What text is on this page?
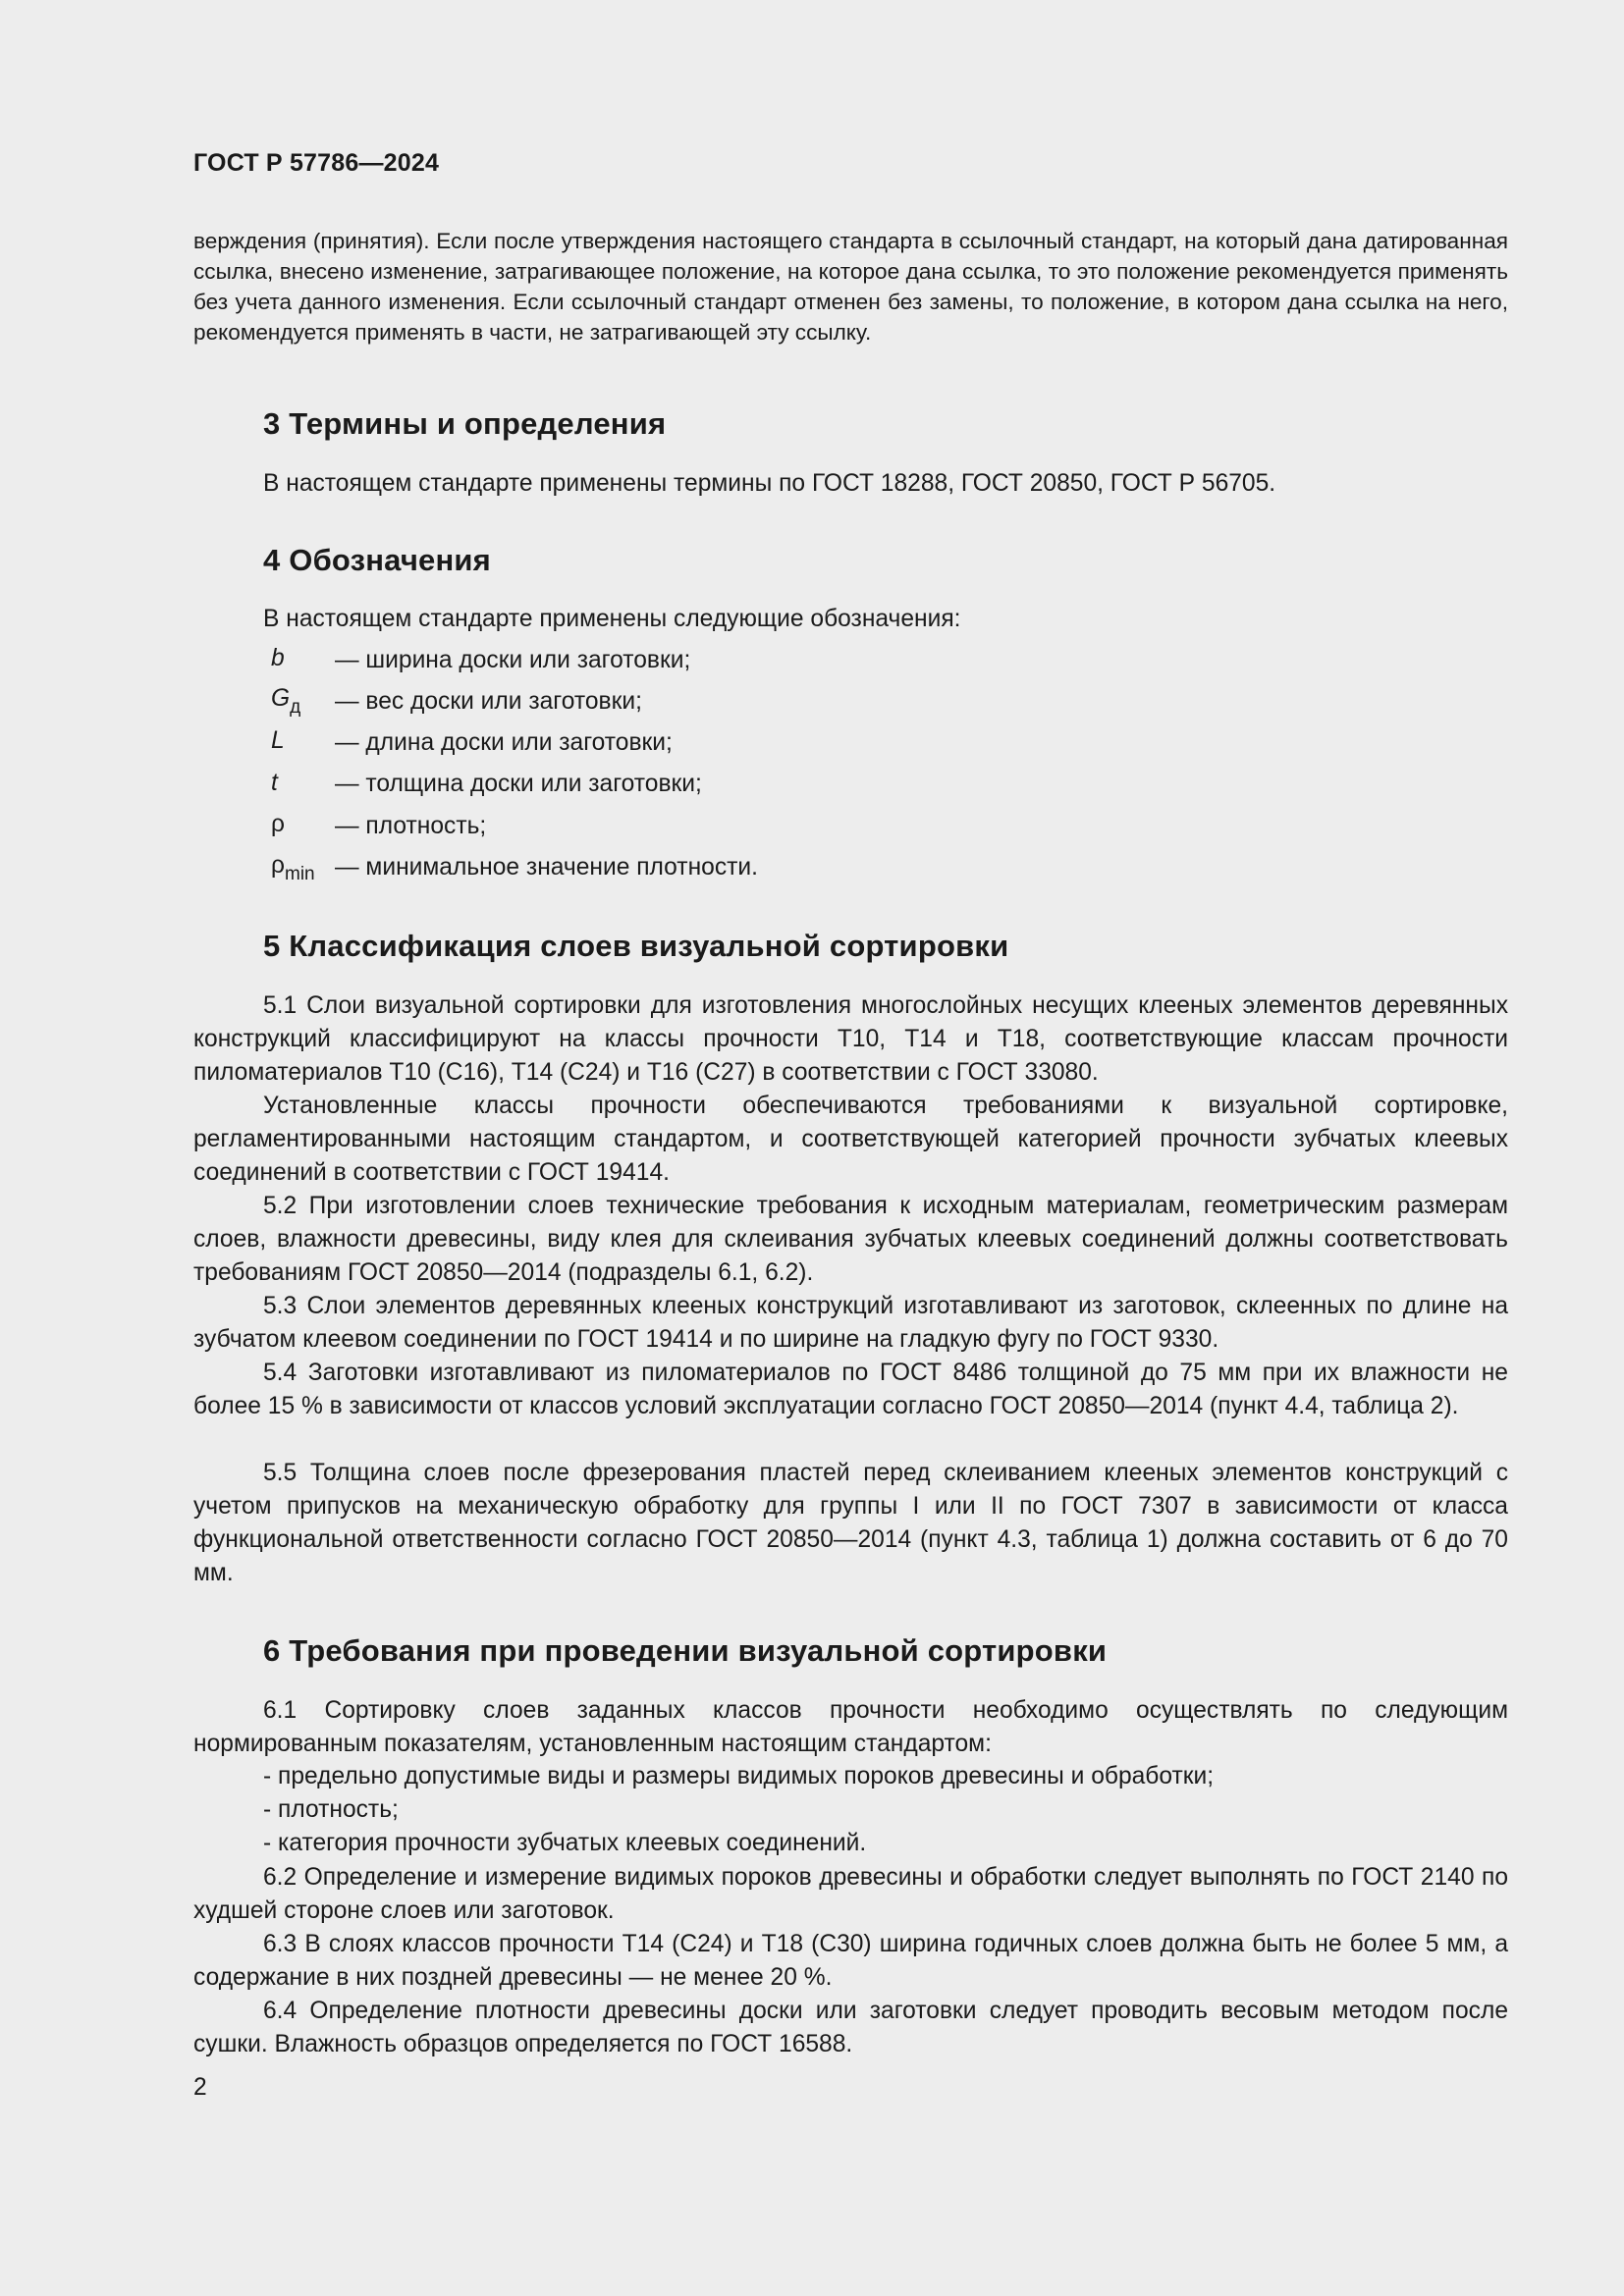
ГОСТ Р 57786—2024
верждения (принятия). Если после утверждения настоящего стандарта в ссылочный стандарт, на который дана датированная ссылка, внесено изменение, затрагивающее положение, на которое дана ссылка, то это положение рекомендуется применять без учета данного изменения. Если ссылочный стандарт отменен без замены, то положение, в котором дана ссылка на него, рекомендуется применять в части, не затрагивающей эту ссылку.
3 Термины и определения
В настоящем стандарте применены термины по ГОСТ 18288, ГОСТ 20850, ГОСТ Р 56705.
4 Обозначения
В настоящем стандарте применены следующие обозначения:
b — ширина доски или заготовки;
$G_д$ — вес доски или заготовки;
L — длина доски или заготовки;
t — толщина доски или заготовки;
ρ — плотность;
$\rho_{min}$ — минимальное значение плотности.
5 Классификация слоев визуальной сортировки
5.1 Слои визуальной сортировки для изготовления многослойных несущих клееных элементов деревянных конструкций классифицируют на классы прочности Т10, Т14 и Т18, соответствующие классам прочности пиломатериалов Т10 (С16), Т14 (С24) и Т16 (С27) в соответствии с ГОСТ 33080.
Установленные классы прочности обеспечиваются требованиями к визуальной сортировке, регламентированными настоящим стандартом, и соответствующей категорией прочности зубчатых клеевых соединений в соответствии с ГОСТ 19414.
5.2 При изготовлении слоев технические требования к исходным материалам, геометрическим размерам слоев, влажности древесины, виду клея для склеивания зубчатых клеевых соединений должны соответствовать требованиям ГОСТ 20850—2014 (подразделы 6.1, 6.2).
5.3 Слои элементов деревянных клееных конструкций изготавливают из заготовок, склеенных по длине на зубчатом клеевом соединении по ГОСТ 19414 и по ширине на гладкую фугу по ГОСТ 9330.
5.4 Заготовки изготавливают из пиломатериалов по ГОСТ 8486 толщиной до 75 мм при их влажности не более 15 % в зависимости от классов условий эксплуатации согласно ГОСТ 20850—2014 (пункт 4.4, таблица 2).
5.5 Толщина слоев после фрезерования пластей перед склеиванием клееных элементов конструкций с учетом припусков на механическую обработку для группы I или II по ГОСТ 7307 в зависимости от класса функциональной ответственности согласно ГОСТ 20850—2014 (пункт 4.3, таблица 1) должна составить от 6 до 70 мм.
6 Требования при проведении визуальной сортировки
6.1 Сортировку слоев заданных классов прочности необходимо осуществлять по следующим нормированным показателям, установленным настоящим стандартом:
- предельно допустимые виды и размеры видимых пороков древесины и обработки;
- плотность;
- категория прочности зубчатых клеевых соединений.
6.2 Определение и измерение видимых пороков древесины и обработки следует выполнять по ГОСТ 2140 по худшей стороне слоев или заготовок.
6.3 В слоях классов прочности Т14 (С24) и Т18 (С30) ширина годичных слоев должна быть не более 5 мм, а содержание в них поздней древесины — не менее 20 %.
6.4 Определение плотности древесины доски или заготовки следует проводить весовым методом после сушки. Влажность образцов определяется по ГОСТ 16588.
2
